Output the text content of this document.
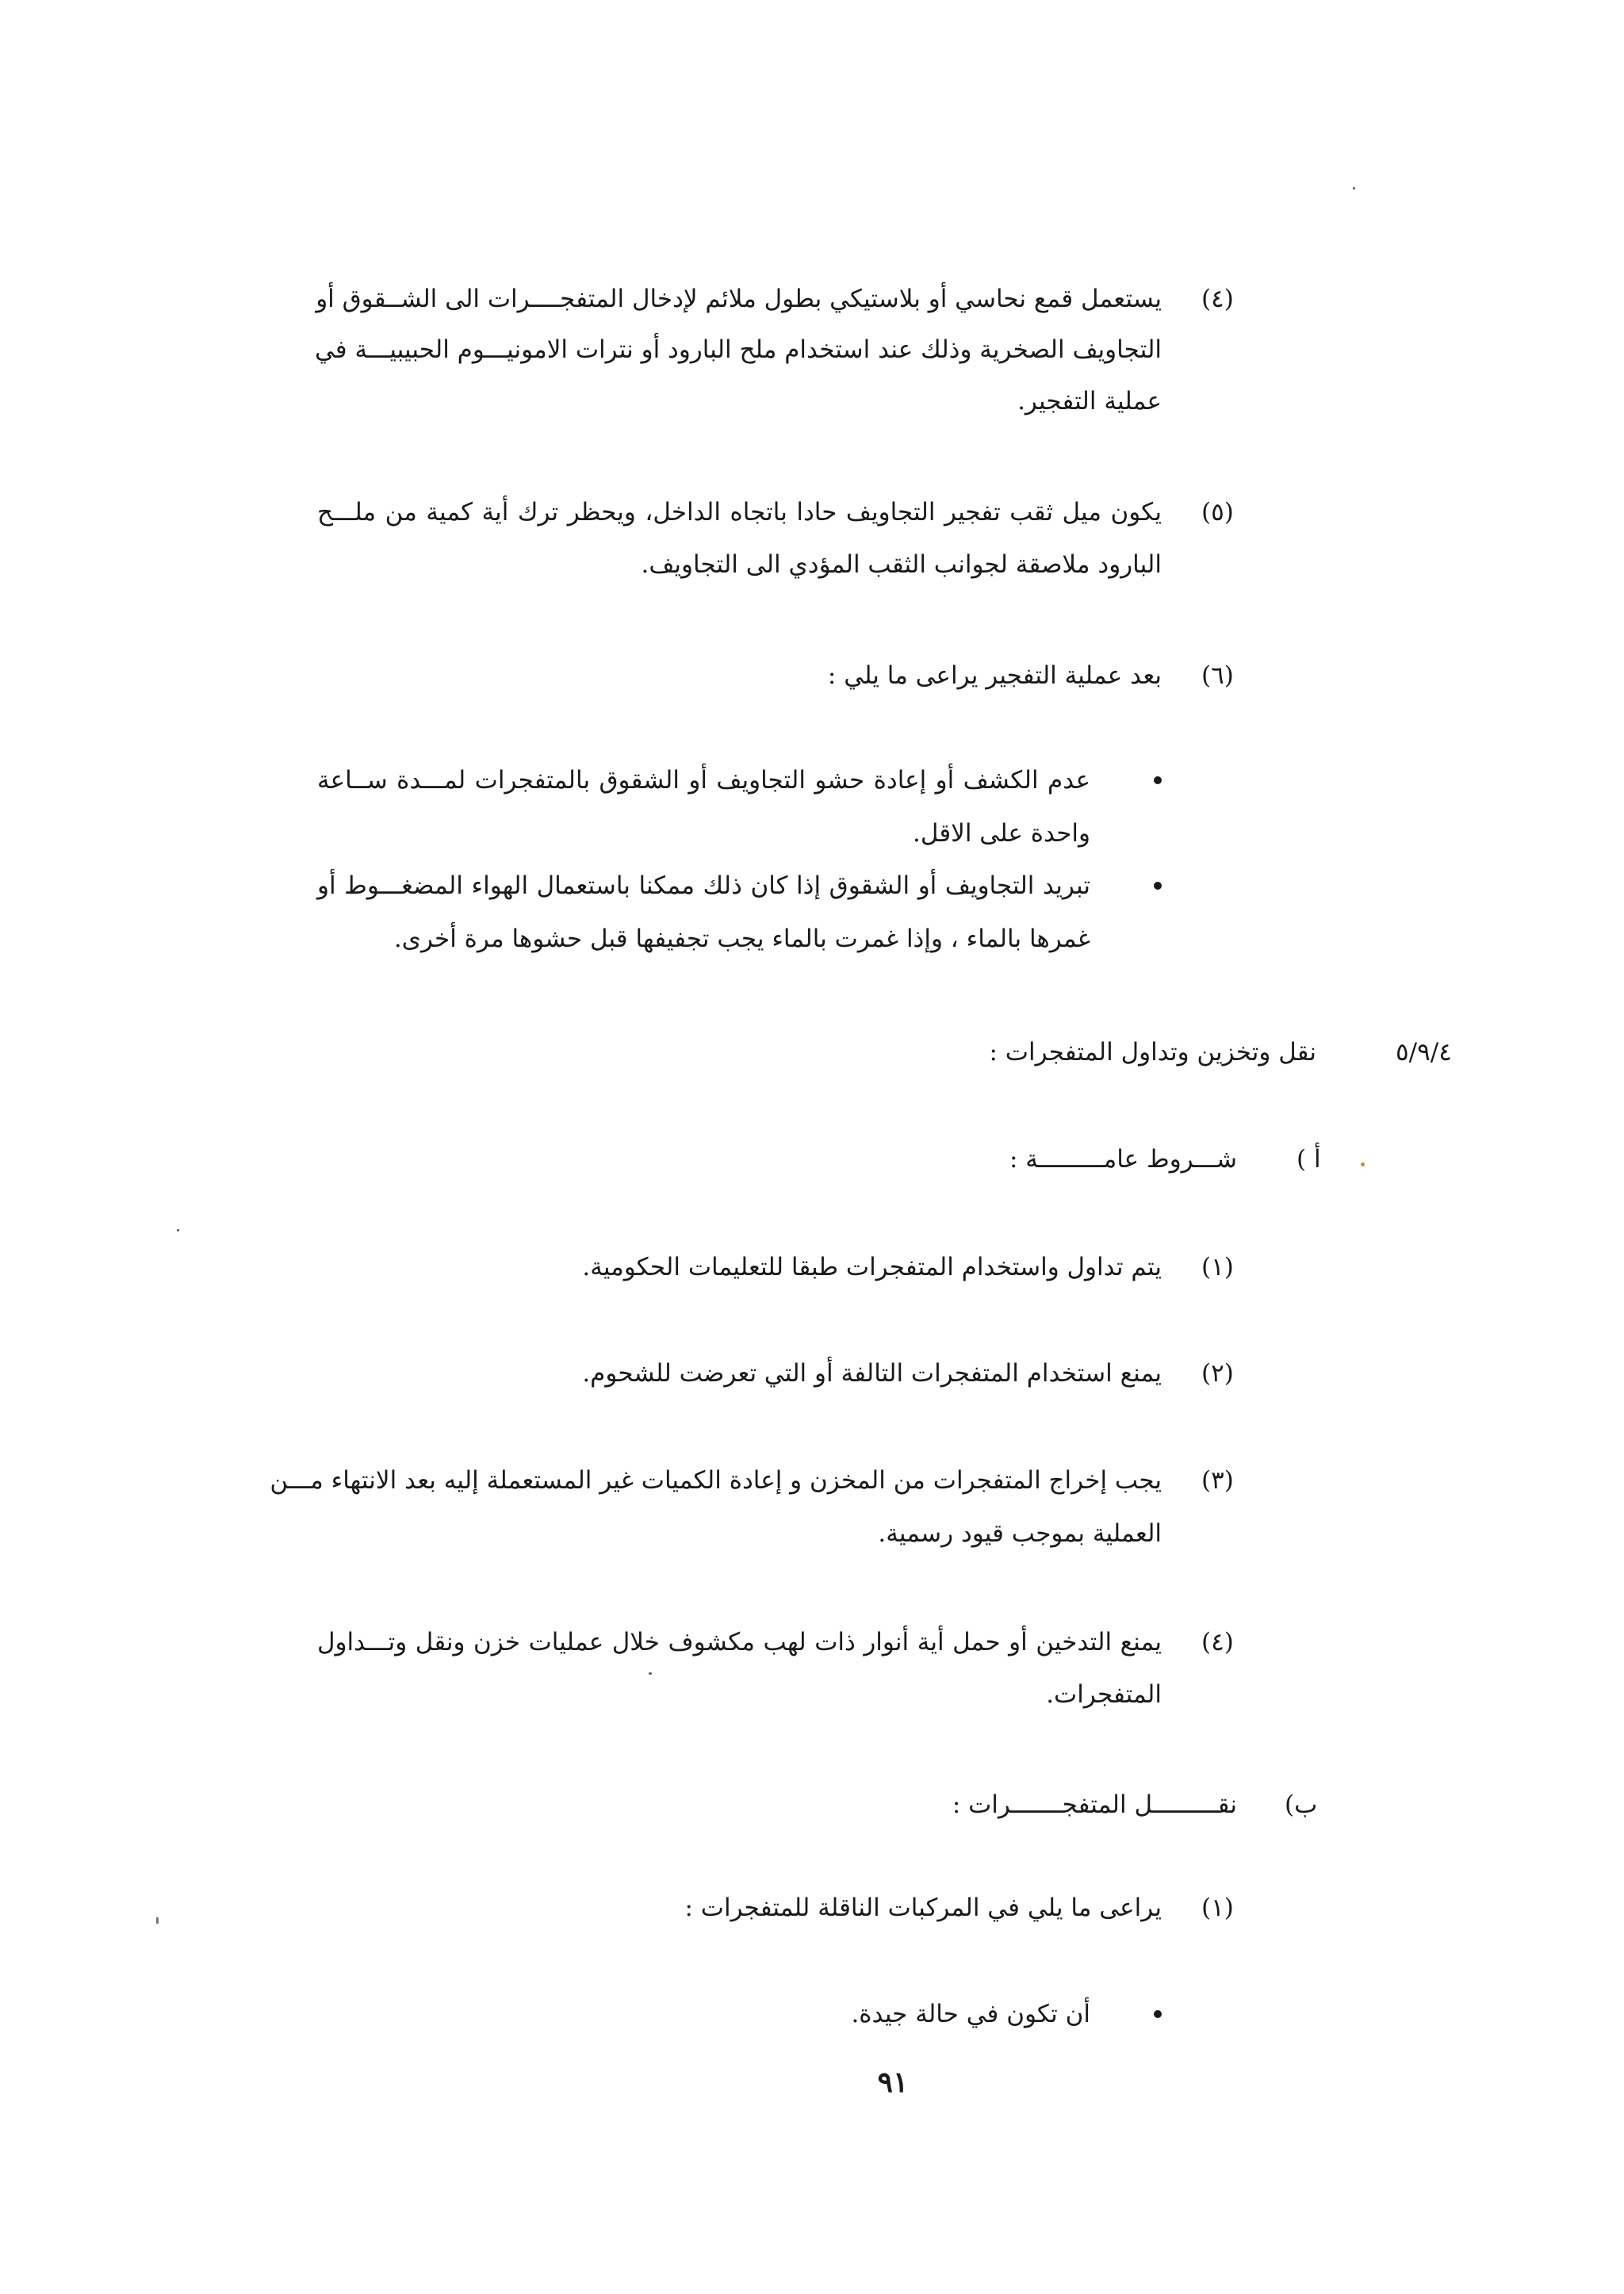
(٤)
يستعمل قمع نحاسي أو بلاستيكي بطول ملائم لإدخال المتفجــــرات الى الشــقوق أو
التجاويف الصخرية وذلك عند استخدام ملح البارود أو نترات الامونيـــوم الحبيبيـــة في
عملية التفجير.
(٥)
يكون ميل ثقب تفجير التجاويف حادا باتجاه الداخل، ويحظر ترك أية كمية من ملـــح
البارود ملاصقة لجوانب الثقب المؤدي الى التجاويف.
(٦)
بعد عملية التفجير يراعى ما يلي :
عدم الكشف أو إعادة حشو التجاويف أو الشقوق بالمتفجرات لمـــدة ســاعة
واحدة على الاقل.
تبريد التجاويف أو الشقوق إذا كان ذلك ممكنا باستعمال الهواء المضغـــوط أو
غمرها بالماء ، وإذا غمرت بالماء يجب تجفيفها قبل حشوها مرة أخرى.
٥/٩/٤
نقل وتخزين وتداول المتفجرات :
أ )
شـــروط عامـــــــــة :
(١)
يتم تداول واستخدام المتفجرات طبقا للتعليمات الحكومية.
(٢)
يمنع استخدام المتفجرات التالفة أو التي تعرضت للشحوم.
(٣)
يجب إخراج المتفجرات من المخزن و إعادة الكميات غير المستعملة إليه بعد الانتهاء مـــن
العملية بموجب قيود رسمية.
(٤)
يمنع التدخين أو حمل أية أنوار ذات لهب مكشوف خلال عمليات خزن ونقل وتـــداول
المتفجرات.
ب)
نقـــــــــل المتفجـــــــرات :
(١)
يراعى ما يلي في المركبات الناقلة للمتفجرات :
أن تكون في حالة جيدة.
٩١
